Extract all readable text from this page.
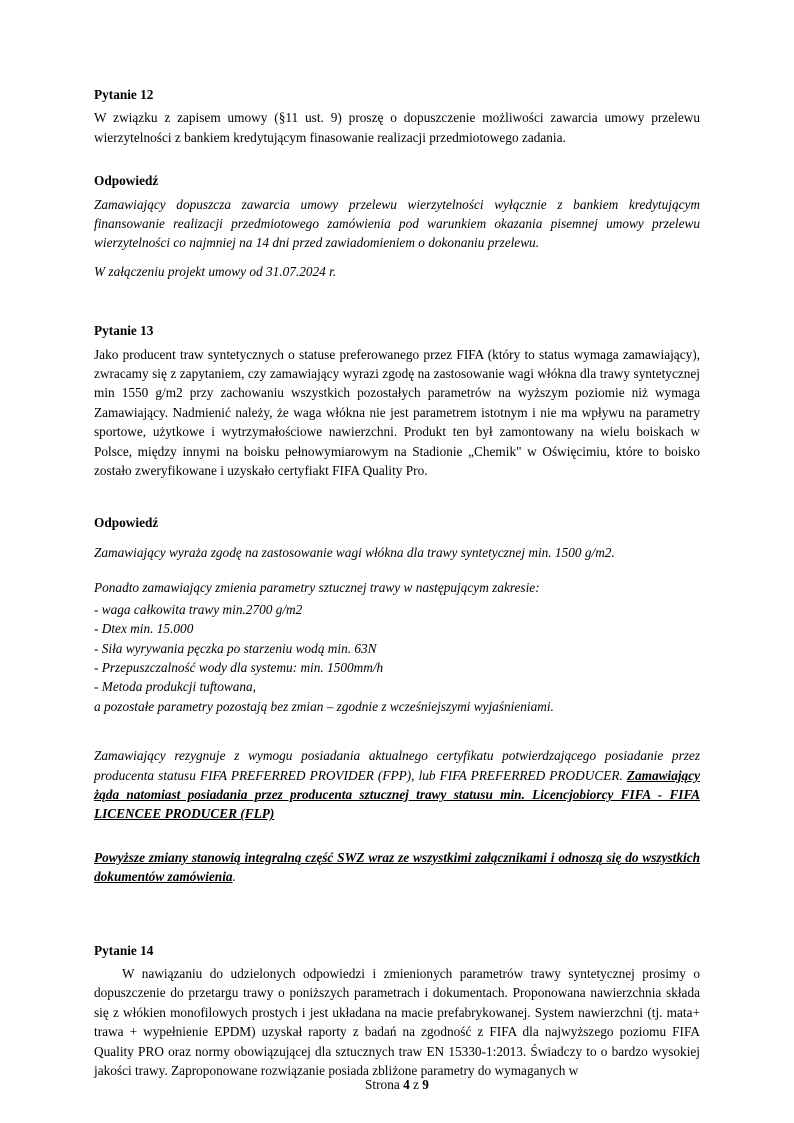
Pytanie 12

W związku z zapisem umowy (§11 ust. 9) proszę o dopuszczenie możliwości zawarcia umowy przelewu wierzytelności z bankiem kredytującym finasowanie realizacji przedmiotowego zadania.

Odpowiedź

Zamawiający dopuszcza zawarcia umowy przelewu wierzytelności wyłącznie z bankiem kredytującym finansowanie realizacji przedmiotowego zamówienia pod warunkiem okazania pisemnej umowy przelewu wierzytelności co najmniej na 14 dni przed zawiadomieniem o dokonaniu przelewu.

W załączeniu projekt umowy od 31.07.2024 r.

Pytanie 13

Jako producent traw syntetycznych o statuse preferowanego przez FIFA (który to status wymaga zamawiający), zwracamy się z zapytaniem, czy zamawiający wyrazi zgodę na zastosowanie wagi włókna dla trawy syntetycznej min 1550 g/m2 przy zachowaniu wszystkich pozostałych parametrów na wyższym poziomie niż wymaga Zamawiający. Nadmienić należy, że waga włókna nie jest parametrem istotnym i nie ma wpływu na parametry sportowe, użytkowe i wytrzymałościowe nawierzchni. Produkt ten był zamontowany na wielu boiskach w Polsce, między innymi na boisku pełnowymiarowym na Stadionie „Chemik" w Oświęcimiu, które to boisko zostało zweryfikowane i uzyskało certyfiakt FIFA Quality Pro.

Odpowiedź

Zamawiający wyraża zgodę na zastosowanie wagi włókna dla trawy syntetycznej min. 1500 g/m2.

Ponadto zamawiający zmienia parametry sztucznej trawy w następującym zakresie:

- waga całkowita trawy min.2700 g/m2

- Dtex min. 15.000

- Siła wyrywania pęczka po starzeniu wodą min. 63N

- Przepuszczalność wody dla systemu: min. 1500mm/h

- Metoda produkcji tuftowana,

a pozostałe parametry pozostają bez zmian – zgodnie z wcześniejszymi wyjaśnieniami.

Zamawiający rezygnuje z wymogu posiadania aktualnego certyfikatu potwierdzającego posiadanie przez producenta statusu FIFA PREFERRED PROVIDER (FPP), lub FIFA PREFERRED PRODUCER. Zamawiający żąda natomiast posiadania przez producenta sztucznej trawy statusu min. Licencjobiorcy FIFA - FIFA LICENCEE PRODUCER (FLP)

Powyższe zmiany stanowią integralną część SWZ wraz ze wszystkimi załącznikami i odnoszą się do wszystkich dokumentów zamówienia.

Pytanie 14

W nawiązaniu do udzielonych odpowiedzi i zmienionych parametrów trawy syntetycznej prosimy o dopuszczenie do przetargu trawy o poniższych parametrach i dokumentach. Proponowana nawierzchnia składa się z włókien monofilowych prostych i jest układana na macie prefabrykowanej. System nawierzchni (tj. mata+ trawa + wypełnienie EPDM) uzyskał raporty z badań na zgodność z FIFA dla najwyższego poziomu FIFA Quality PRO oraz normy obowiązującej dla sztucznych traw EN 15330-1:2013. Świadczy to o bardzo wysokiej jakości trawy. Zaproponowane rozwiązanie posiada zbliżone parametry do wymaganych w

Strona 4 z 9
